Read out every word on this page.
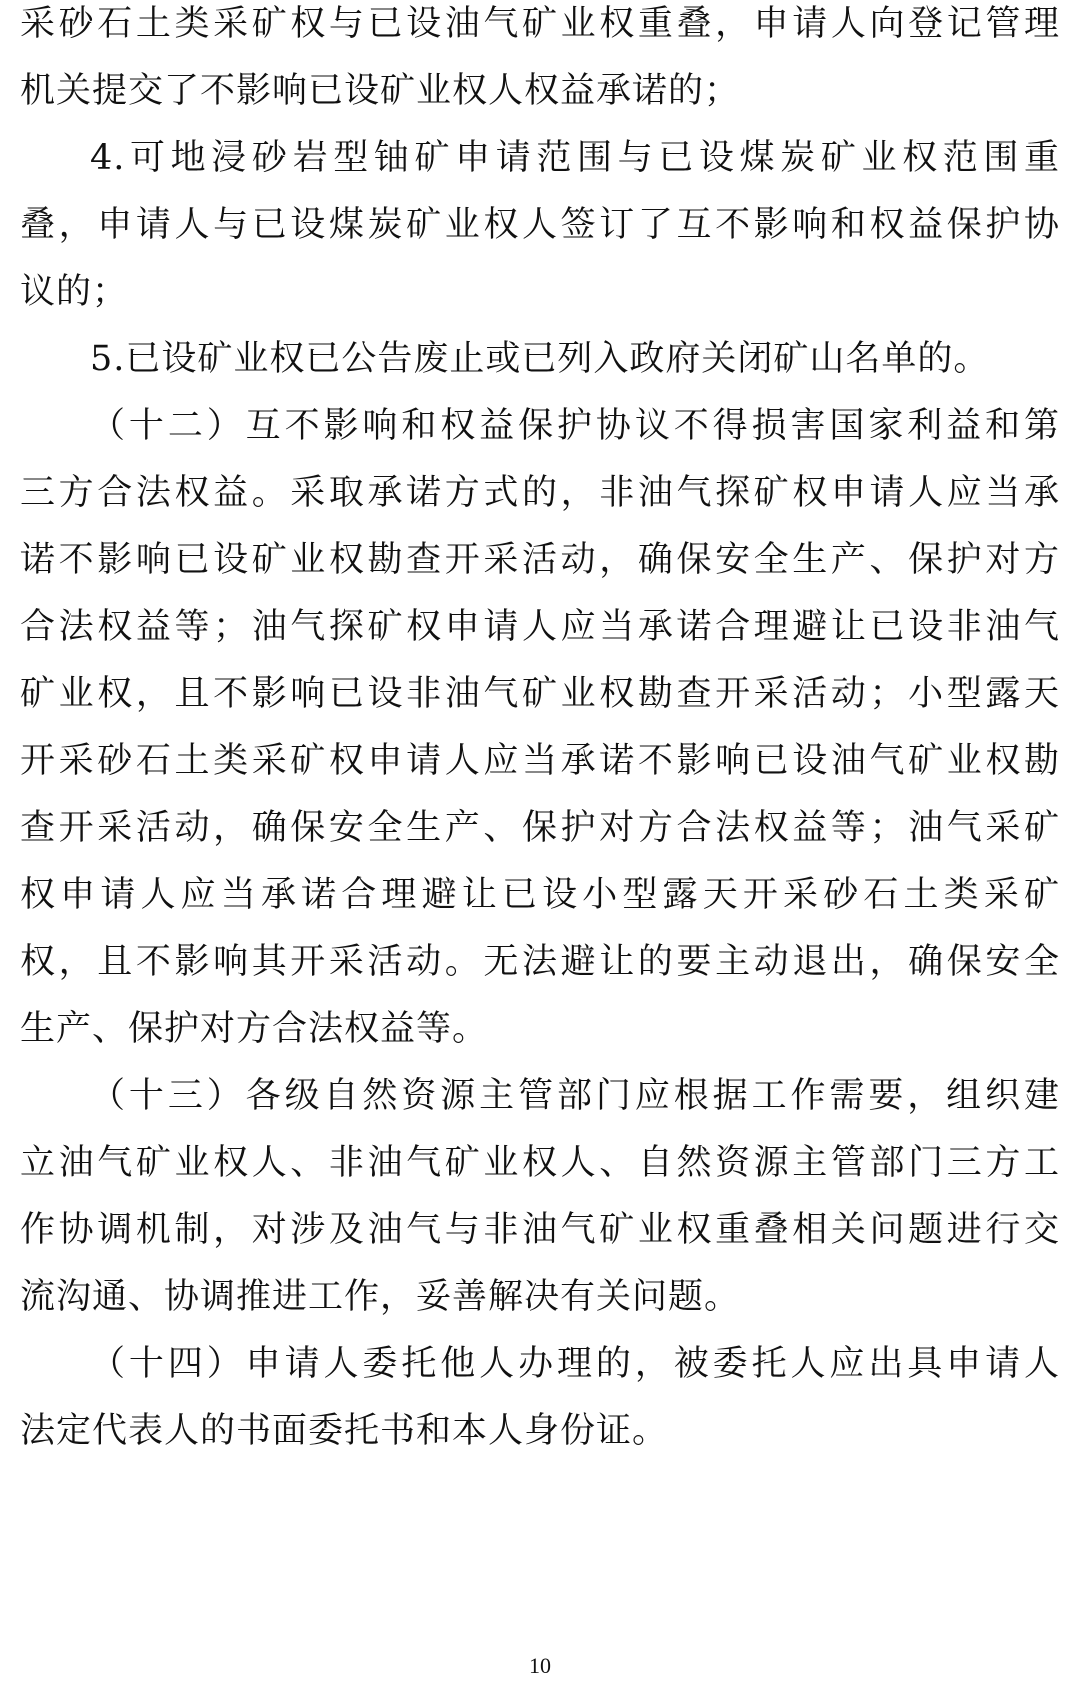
采砂石土类采矿权与已设油气矿业权重叠，申请人向登记管理
机关提交了不影响已设矿业权人权益承诺的；
4.可地浸砂岩型铀矿申请范围与已设煤炭矿业权范围重
叠，申请人与已设煤炭矿业权人签订了互不影响和权益保护协
议的；
5.已设矿业权已公告废止或已列入政府关闭矿山名单的。
（十二）互不影响和权益保护协议不得损害国家利益和第
三方合法权益。采取承诺方式的，非油气探矿权申请人应当承
诺不影响已设矿业权勘查开采活动，确保安全生产、保护对方
合法权益等；油气探矿权申请人应当承诺合理避让已设非油气
矿业权，且不影响已设非油气矿业权勘查开采活动；小型露天
开采砂石土类采矿权申请人应当承诺不影响已设油气矿业权勘
查开采活动，确保安全生产、保护对方合法权益等；油气采矿
权申请人应当承诺合理避让已设小型露天开采砂石土类采矿
权，且不影响其开采活动。无法避让的要主动退出，确保安全
生产、保护对方合法权益等。
（十三）各级自然资源主管部门应根据工作需要，组织建
立油气矿业权人、非油气矿业权人、自然资源主管部门三方工
作协调机制，对涉及油气与非油气矿业权重叠相关问题进行交
流沟通、协调推进工作，妥善解决有关问题。
（十四）申请人委托他人办理的，被委托人应出具申请人
法定代表人的书面委托书和本人身份证。
10
